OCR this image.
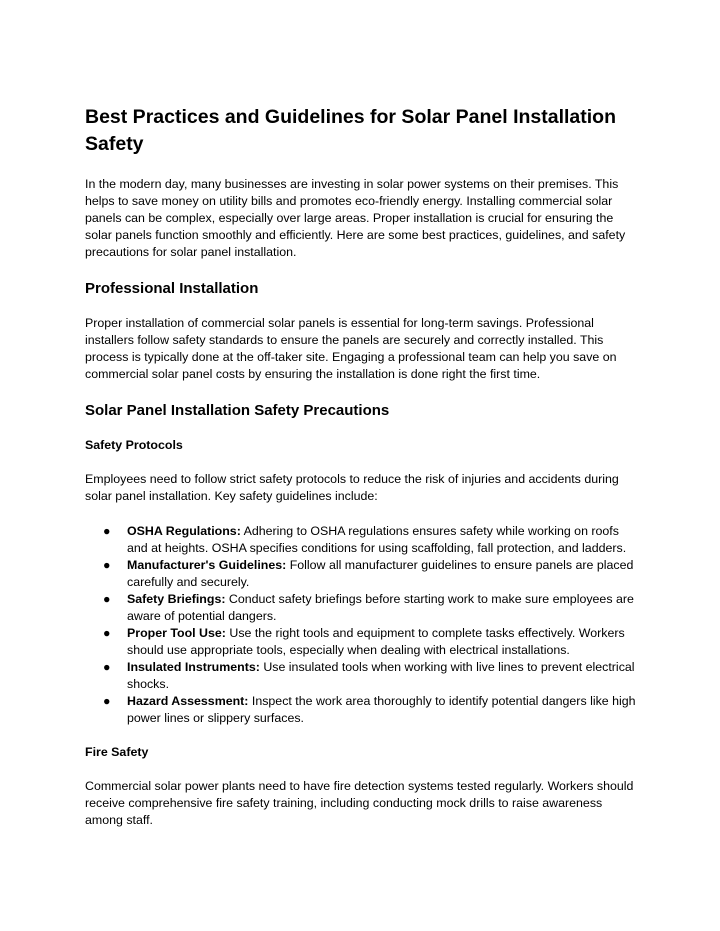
Best Practices and Guidelines for Solar Panel Installation Safety

In the modern day, many businesses are investing in solar power systems on their premises. This helps to save money on utility bills and promotes eco-friendly energy. Installing commercial solar panels can be complex, especially over large areas. Proper installation is crucial for ensuring the solar panels function smoothly and efficiently. Here are some best practices, guidelines, and safety precautions for solar panel installation.

Professional Installation

Proper installation of commercial solar panels is essential for long-term savings. Professional installers follow safety standards to ensure the panels are securely and correctly installed. This process is typically done at the off-taker site. Engaging a professional team can help you save on commercial solar panel costs by ensuring the installation is done right the first time.

Solar Panel Installation Safety Precautions
Safety Protocols

Employees need to follow strict safety protocols to reduce the risk of injuries and accidents during solar panel installation. Key safety guidelines include:

● OSHA Regulations: Adhering to OSHA regulations ensures safety while working on roofs and at heights. OSHA specifies conditions for using scaffolding, fall protection, and ladders.
● Manufacturer's Guidelines: Follow all manufacturer guidelines to ensure panels are placed carefully and securely.
● Safety Briefings: Conduct safety briefings before starting work to make sure employees are aware of potential dangers.
● Proper Tool Use: Use the right tools and equipment to complete tasks effectively. Workers should use appropriate tools, especially when dealing with electrical installations.
● Insulated Instruments: Use insulated tools when working with live lines to prevent electrical shocks.
● Hazard Assessment: Inspect the work area thoroughly to identify potential dangers like high power lines or slippery surfaces.
Fire Safety

Commercial solar power plants need to have fire detection systems tested regularly. Workers should receive comprehensive fire safety training, including conducting mock drills to raise awareness among staff.
